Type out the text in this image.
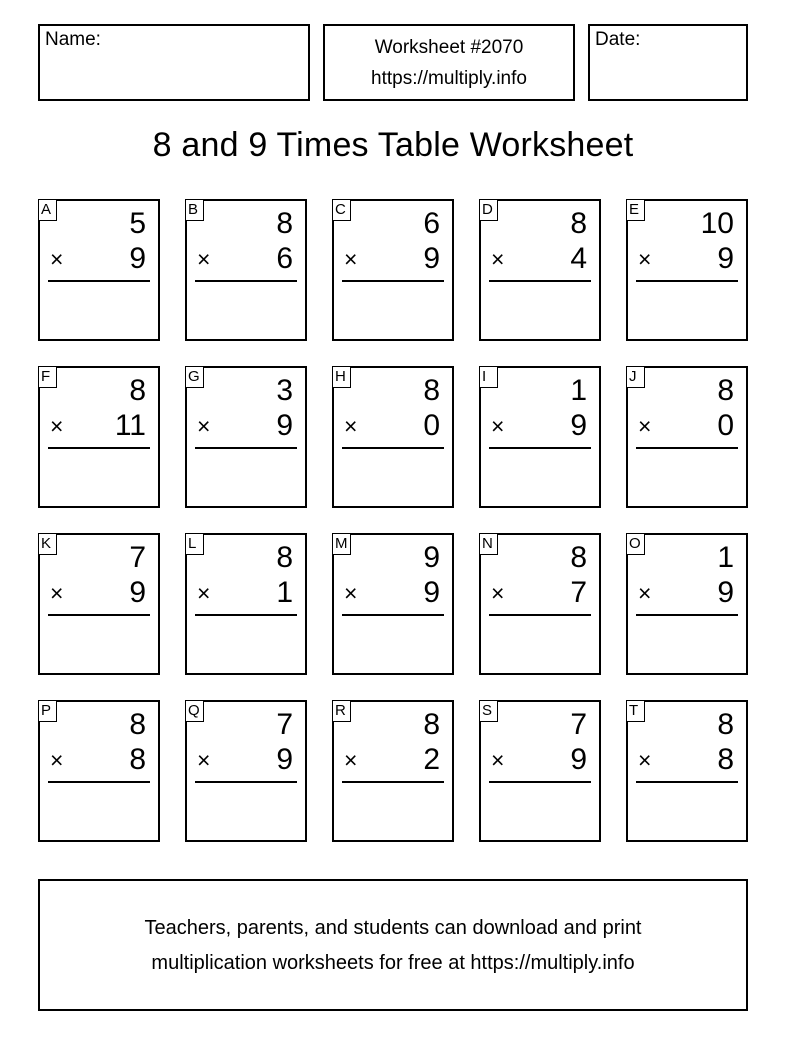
Name:	Worksheet #2070
https://multiply.info
Date:
8 and 9 Times Table Worksheet
A	5
× 9
B	8
× 6
C	6
× 9
D	8
× 4
E 10
× 9
F	8
× 11
G	3
× 9
H	8
× 0
I	1
× 9
J	8
× 0
K	7
× 9
L	8
× 1
M	9
× 9
N	8
× 7
O	1
× 9
P	8
× 8
Q	7
× 9
R	8
× 2
S	7
× 9
T	8
× 8
Teachers, parents, and students can download and print
multiplication worksheets for free at https://multiply.info
